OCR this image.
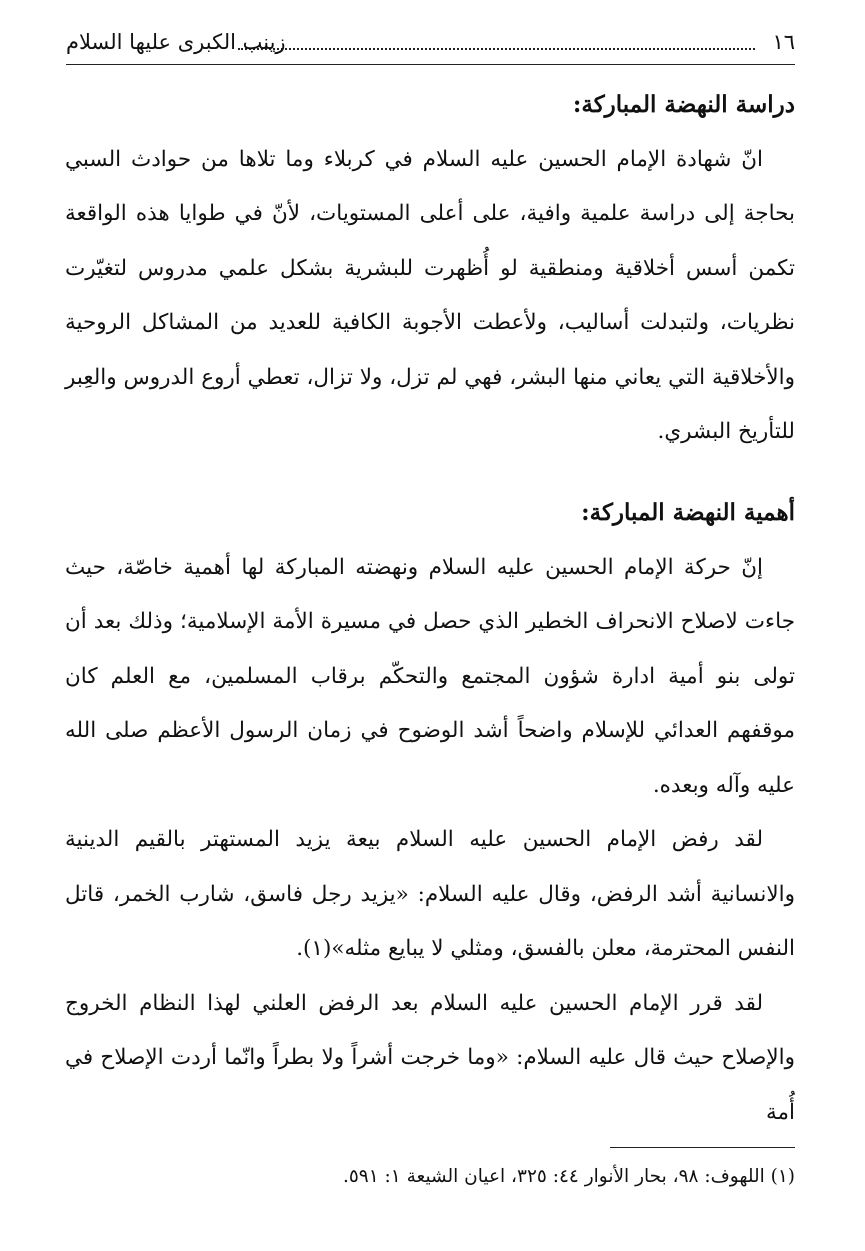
١٦
زينب الكبرى عليها السلام

دراسة النهضة المباركة:

انّ شهادة الإمام الحسين عليه السلام في كربلاء وما تلاها من حوادث السبي بحاجة إلى دراسة علمية وافية، على أعلى المستويات، لأنّ في طوايا هذه الواقعة تكمن أسس أخلاقية ومنطقية لو أُظهرت للبشرية بشكل علمي مدروس لتغيّرت نظريات، ولتبدلت أساليب، ولأعطت الأجوبة الكافية للعديد من المشاكل الروحية والأخلاقية التي يعاني منها البشر، فهي لم تزل، ولا تزال، تعطي أروع الدروس والعِبر للتأريخ البشري.

أهمية النهضة المباركة:

إنّ حركة الإمام الحسين عليه السلام ونهضته المباركة لها أهمية خاصّة، حيث جاءت لاصلاح الانحراف الخطير الذي حصل في مسيرة الأمة الإسلامية؛ وذلك بعد أن تولى بنو أمية ادارة شؤون المجتمع والتحكّم برقاب المسلمين، مع العلم كان موقفهم العدائي للإسلام واضحاً أشد الوضوح في زمان الرسول الأعظم صلى الله عليه وآله وبعده.

لقد رفض الإمام الحسين عليه السلام بيعة يزيد المستهتر بالقيم الدينية والانسانية أشد الرفض، وقال عليه السلام: «يزيد رجل فاسق، شارب الخمر، قاتل النفس المحترمة، معلن بالفسق، ومثلي لا يبايع مثله»(١).

لقد قرر الإمام الحسين عليه السلام بعد الرفض العلني لهذا النظام الخروج والإصلاح حيث قال عليه السلام: «وما خرجت أشراً ولا بطراً وانّما أردت الإصلاح في أُمة

(١) اللهوف: ٩٨، بحار الأنوار ٤٤: ٣٢٥، اعيان الشيعة ١: ٥٩١.
